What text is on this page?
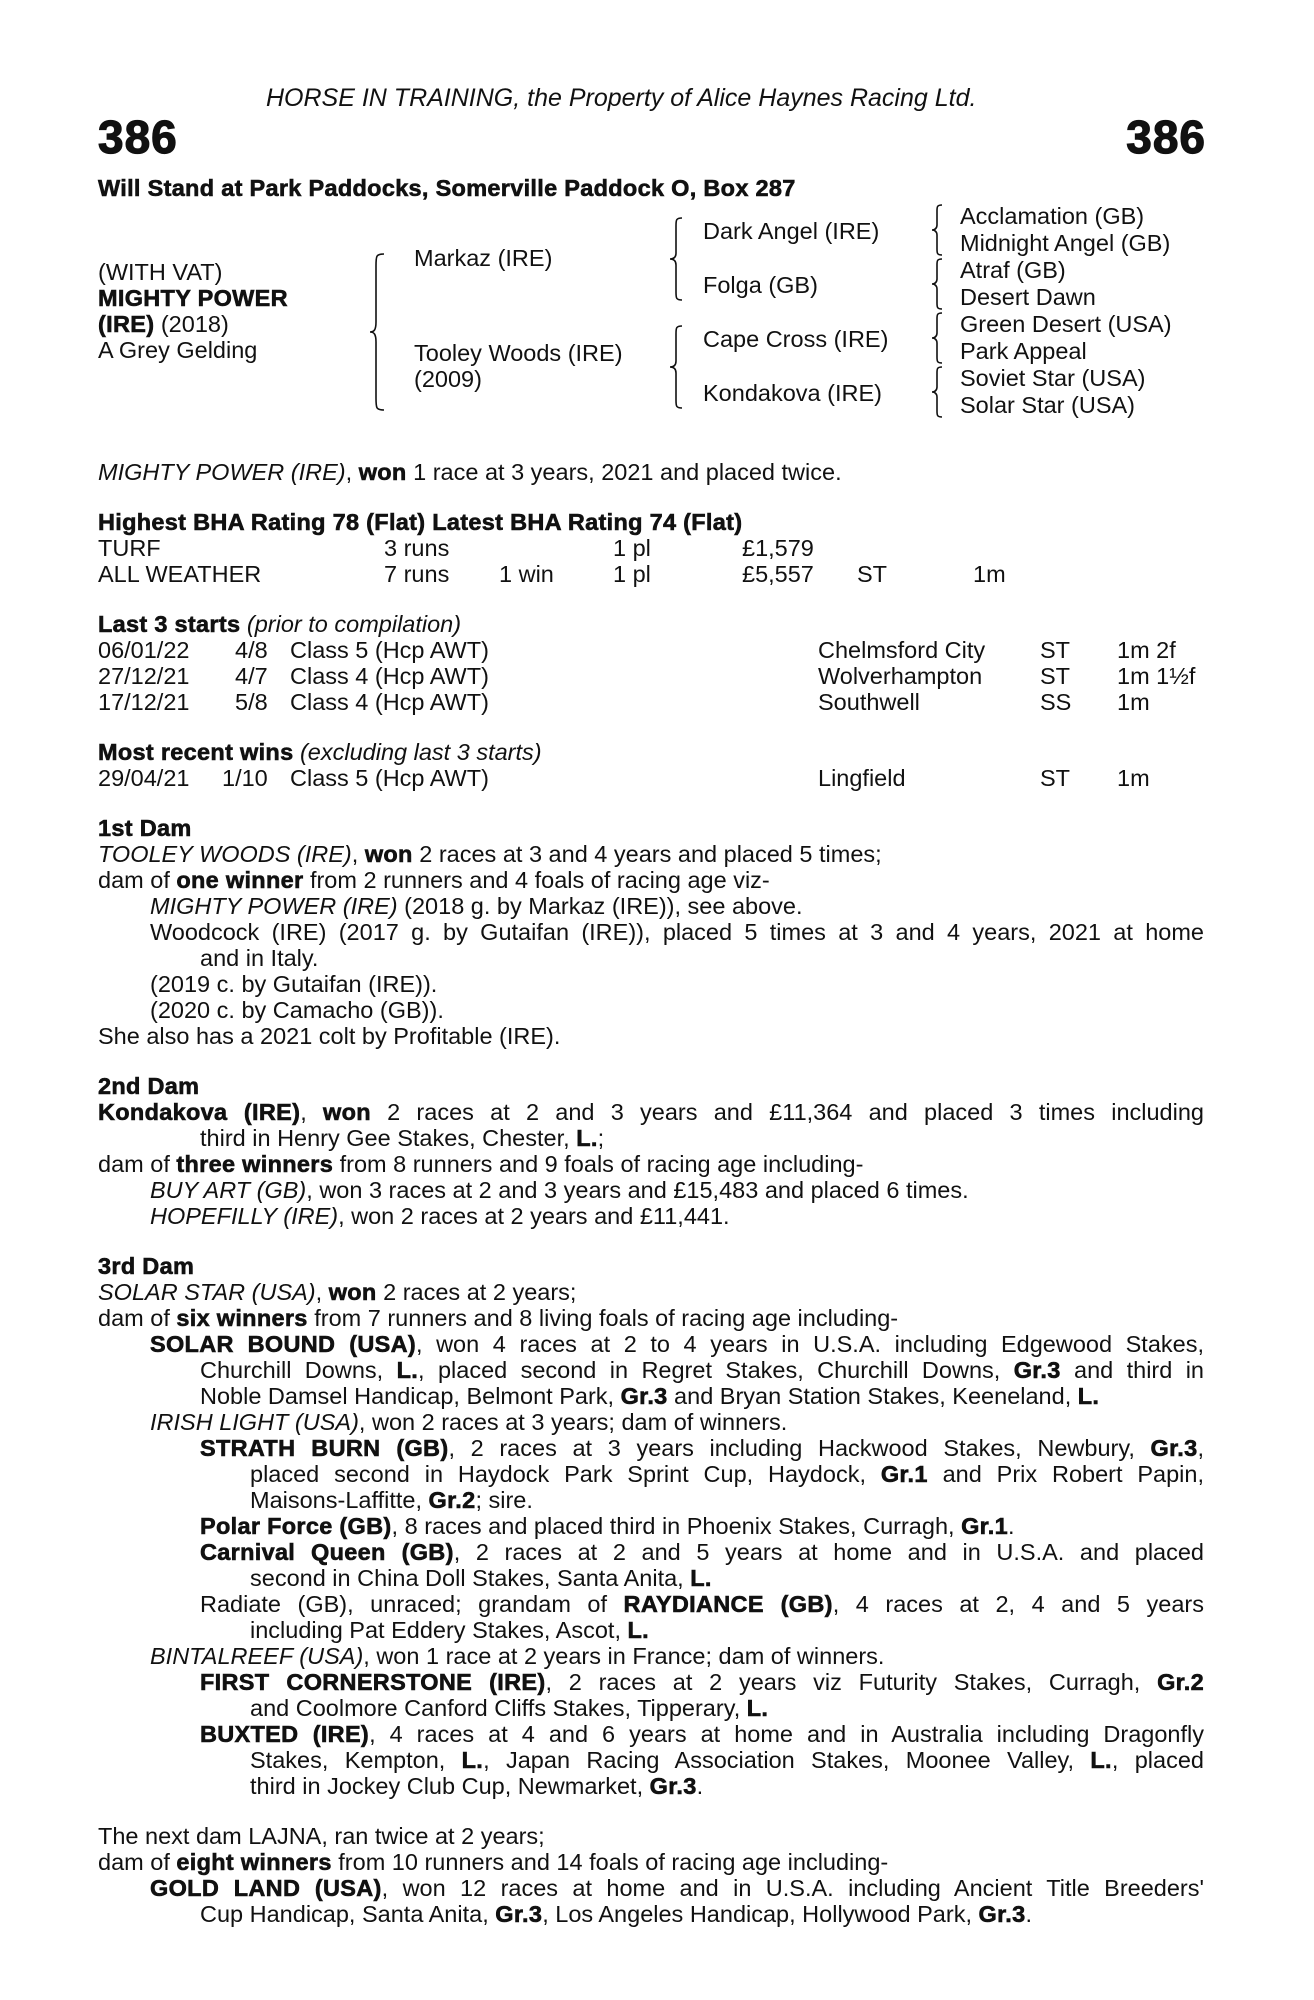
HORSE IN TRAINING, the Property of Alice Haynes Racing Ltd.
386	386
Will Stand at Park Paddocks, Somerville Paddock O, Box 287
(WITH VAT)
MIGHTY POWER
(IRE) (2018)
A Grey Gelding
Markaz (IRE)
Tooley Woods (IRE)
(2009)
Dark Angel (IRE)
Folga (GB)
Cape Cross (IRE)
Kondakova (IRE)
Acclamation (GB)
Midnight Angel (GB)
Atraf (GB)
Desert Dawn
Green Desert (USA)
Park Appeal
Soviet Star (USA)
Solar Star (USA)
MIGHTY POWER (IRE), won 1 race at 3 years, 2021 and placed twice.
Highest BHA Rating 78 (Flat) Latest BHA Rating 74 (Flat)
TURF	3 runs	1 pl	£1,579
ALL WEATHER	7 runs 1 win	1 pl	£5,557 ST	1m
Last 3 starts (prior to compilation)
06/01/22 4/8 Class 5 (Hcp AWT)	Chelmsford City ST 1m 2f
27/12/21 4/7 Class 4 (Hcp AWT)	Wolverhampton ST 1m 1½f
17/12/21 5/8 Class 4 (Hcp AWT)	Southwell	SS 1m
Most recent wins (excluding last 3 starts)
29/04/21 1/10 Class 5 (Hcp AWT)	Lingfield	ST 1m
1st Dam
TOOLEY WOODS (IRE), won 2 races at 3 and 4 years and placed 5 times;
dam of one winner from 2 runners and 4 foals of racing age viz-
MIGHTY POWER (IRE) (2018 g. by Markaz (IRE)), see above.
Woodcock (IRE) (2017 g. by Gutaifan (IRE)), placed 5 times at 3 and 4 years, 2021 at home
and in Italy.
(2019 c. by Gutaifan (IRE)).
(2020 c. by Camacho (GB)).
She also has a 2021 colt by Profitable (IRE).
2nd Dam
Kondakova (IRE), won 2 races at 2 and 3 years and £11,364 and placed 3 times including
third in Henry Gee Stakes, Chester, L.;
dam of three winners from 8 runners and 9 foals of racing age including-
BUY ART (GB), won 3 races at 2 and 3 years and £15,483 and placed 6 times.
HOPEFILLY (IRE), won 2 races at 2 years and £11,441.
3rd Dam
SOLAR STAR (USA), won 2 races at 2 years;
dam of six winners from 7 runners and 8 living foals of racing age including-
SOLAR BOUND (USA), won 4 races at 2 to 4 years in U.S.A. including Edgewood Stakes,
Churchill Downs, L., placed second in Regret Stakes, Churchill Downs, Gr.3 and third in
Noble Damsel Handicap, Belmont Park, Gr.3 and Bryan Station Stakes, Keeneland, L.
IRISH LIGHT (USA), won 2 races at 3 years; dam of winners.
STRATH BURN (GB), 2 races at 3 years including Hackwood Stakes, Newbury, Gr.3,
placed second in Haydock Park Sprint Cup, Haydock, Gr.1 and Prix Robert Papin,
Maisons-Laffitte, Gr.2; sire.
Polar Force (GB), 8 races and placed third in Phoenix Stakes, Curragh, Gr.1.
Carnival Queen (GB), 2 races at 2 and 5 years at home and in U.S.A. and placed
second in China Doll Stakes, Santa Anita, L.
Radiate (GB), unraced; grandam of RAYDIANCE (GB), 4 races at 2, 4 and 5 years
including Pat Eddery Stakes, Ascot, L.
BINTALREEF (USA), won 1 race at 2 years in France; dam of winners.
FIRST CORNERSTONE (IRE), 2 races at 2 years viz Futurity Stakes, Curragh, Gr.2
and Coolmore Canford Cliffs Stakes, Tipperary, L.
BUXTED (IRE), 4 races at 4 and 6 years at home and in Australia including Dragonfly
Stakes, Kempton, L., Japan Racing Association Stakes, Moonee Valley, L., placed
third in Jockey Club Cup, Newmarket, Gr.3.
The next dam LAJNA, ran twice at 2 years;
dam of eight winners from 10 runners and 14 foals of racing age including-
GOLD LAND (USA), won 12 races at home and in U.S.A. including Ancient Title Breeders'
Cup Handicap, Santa Anita, Gr.3, Los Angeles Handicap, Hollywood Park, Gr.3.
